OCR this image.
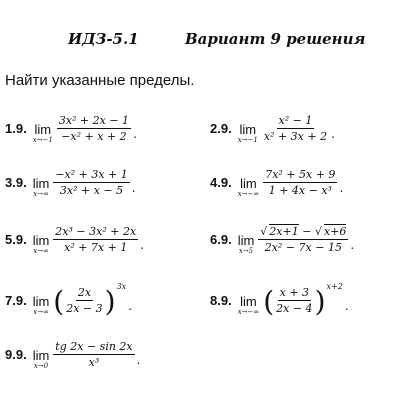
ИДЗ-5.1	Вариант 9 решения
Найти указанные пределы.
1.9. lim
$x\to-1 \frac{\text{3x² + 2x − 1}}{\text{−x² + x + 2}}$ .	2.9. lim
$x\to-1 \frac{\text{x² − 1}}{\text{x² + 3x + 2}}$ .
3.9. lim
$x\to\infty \frac{\text{−x² + 3x + 1}}{\text{3x² + x − 5}}$ .	4.9. lim
$x\to-\infty \frac{\text{7x² + 5x + 9}}{\text{1 + 4x − x³}}$ .
5.9. lim
$x\to\infty \frac{\text{2x³ − 3x² + 2x}}{\text{x² + 7x + 1}}$ .	6.9. lim
$x\to 5 \frac{√ 2x+1 - √ x+6}{\text{2x² − 7x − 15}}$ .
7.9. lim
x→∞ ( $\frac{2x}{2x - 3}$ ) 3x
.	8.9. lim
x→−∞ ( $\frac{x + 3}{2x - 4}$ ) x+2
.
9.9. lim
$x\to 0 \frac{tg 2x - \sin 2x}{\text{x³}}$ .
